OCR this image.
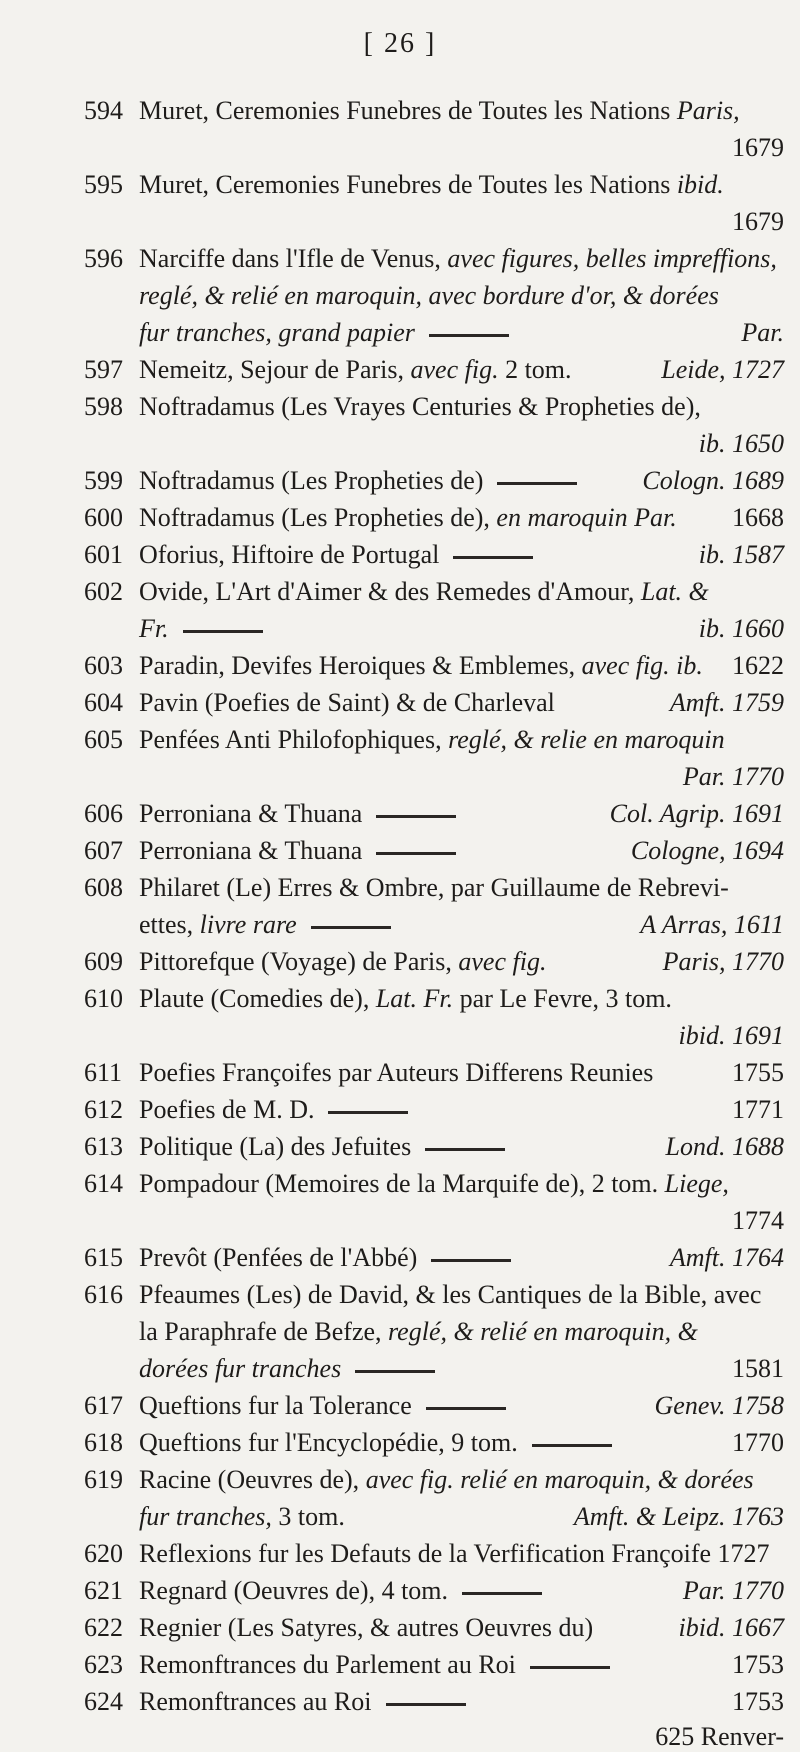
[ 26 ]
594 Muret, Ceremonies Funebres de Toutes les Nations Paris,
1679
595 Muret, Ceremonies Funebres de Toutes les Nations ibid.
1679
596 Narciffe dans l'Ifle de Venus, avec figures, belles impreffions,
reglé, & relié en maroquin, avec bordure d'or, & dorées
fur tranches, grand papier	Par.
597 Nemeitz, Sejour de Paris, avec fig. 2 tom.	Leide, 1727
598 Noftradamus (Les Vrayes Centuries & Propheties de),
ib. 1650
599 Noftradamus (Les Propheties de)	Cologn. 1689
600 Noftradamus (Les Propheties de), en maroquin Par. 1668
601 Oforius, Hiftoire de Portugal	ib. 1587
602 Ovide, L'Art d'Aimer & des Remedes d'Amour, Lat. &
Fr.	ib. 1660
603 Paradin, Devifes Heroiques & Emblemes, avec fig. ib. 1622
604 Pavin (Poefies de Saint) & de Charleval	Amft. 1759
605 Penfées Anti Philofophiques, reglé, & relie en maroquin
Par. 1770
606 Perroniana & Thuana	Col. Agrip. 1691
607 Perroniana & Thuana	Cologne, 1694
608 Philaret (Le) Erres & Ombre, par Guillaume de Rebrevi-
ettes, livre rare	A Arras, 1611
609 Pittorefque (Voyage) de Paris, avec fig.	Paris, 1770
610 Plaute (Comedies de), Lat. Fr. par Le Fevre, 3 tom.
ibid. 1691
611 Poefies Françoifes par Auteurs Differens Reunies	1755
612 Poefies de M. D.	1771
613 Politique (La) des Jefuites	Lond. 1688
614 Pompadour (Memoires de la Marquife de), 2 tom. Liege,
1774
615 Prevôt (Penfées de l'Abbé)	Amft. 1764
616 Pfeaumes (Les) de David, & les Cantiques de la Bible, avec
la Paraphrafe de Befze, reglé, & relié en maroquin, &
dorées fur tranches	1581
617 Queftions fur la Tolerance	Genev. 1758
618 Queftions fur l'Encyclopédie, 9 tom.	1770
619 Racine (Oeuvres de), avec fig. relié en maroquin, & dorées
fur tranches, 3 tom.	Amft. & Leipz. 1763
620 Reflexions fur les Defauts de la Verfification Françoife 1727
621 Regnard (Oeuvres de), 4 tom.	Par. 1770
622 Regnier (Les Satyres, & autres Oeuvres du)	ibid. 1667
623 Remonftrances du Parlement au Roi	1753
624 Remonftrances au Roi	1753
625 Renver-
